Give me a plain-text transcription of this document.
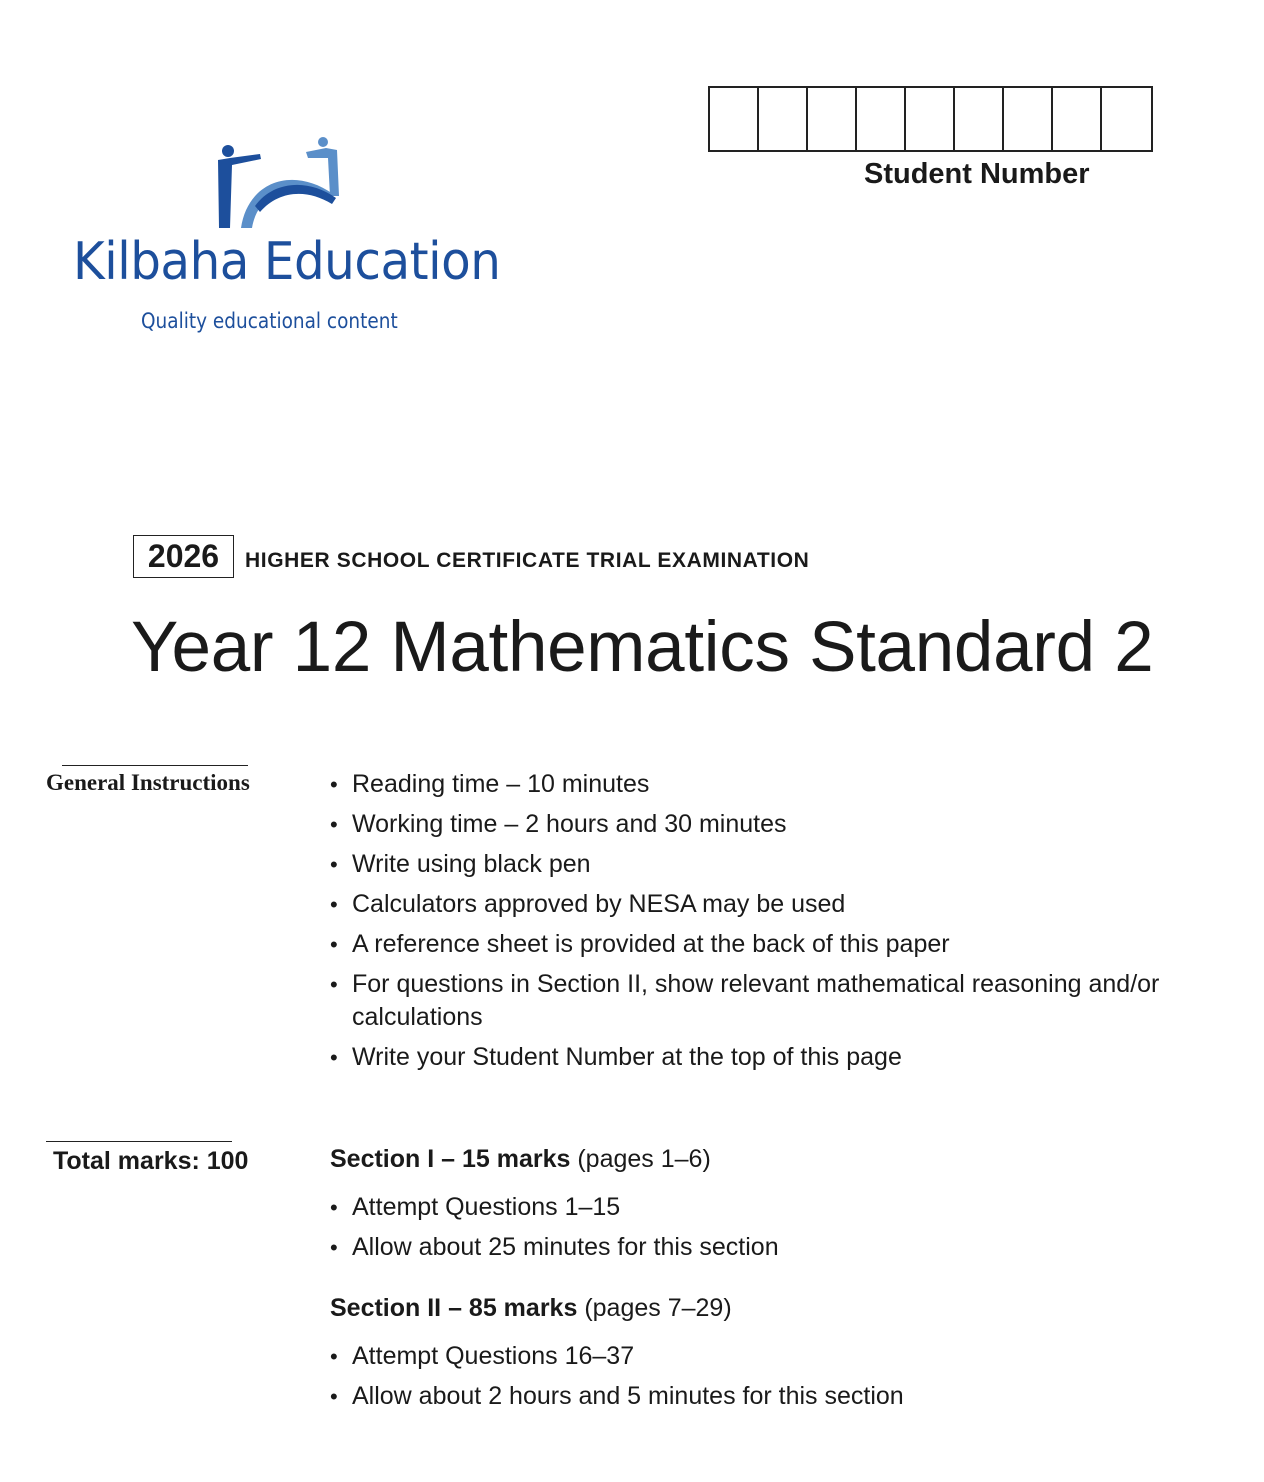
Kilbaha Education
Quality educational content
Student Number
2026	HIGHER SCHOOL CERTIFICATE TRIAL EXAMINATION
Year 12 Mathematics Standard 2
General Instructions
•	Reading time – 10 minutes
• Working time – 2 hours and 30 minutes
• Write using black pen
• Calculators approved by NESA may be used
• A reference sheet is provided at the back of this paper
• For questions in Section II, show relevant mathematical reasoning and/or calculations
• Write your Student Number at the top of this page
Total marks: 100	Section I – 15 marks (pages 1–6)
• Attempt Questions 1–15
• Allow about 25 minutes for this section
Section II – 85 marks (pages 7–29)
• Attempt Questions 16–37
• Allow about 2 hours and 5 minutes for this section
